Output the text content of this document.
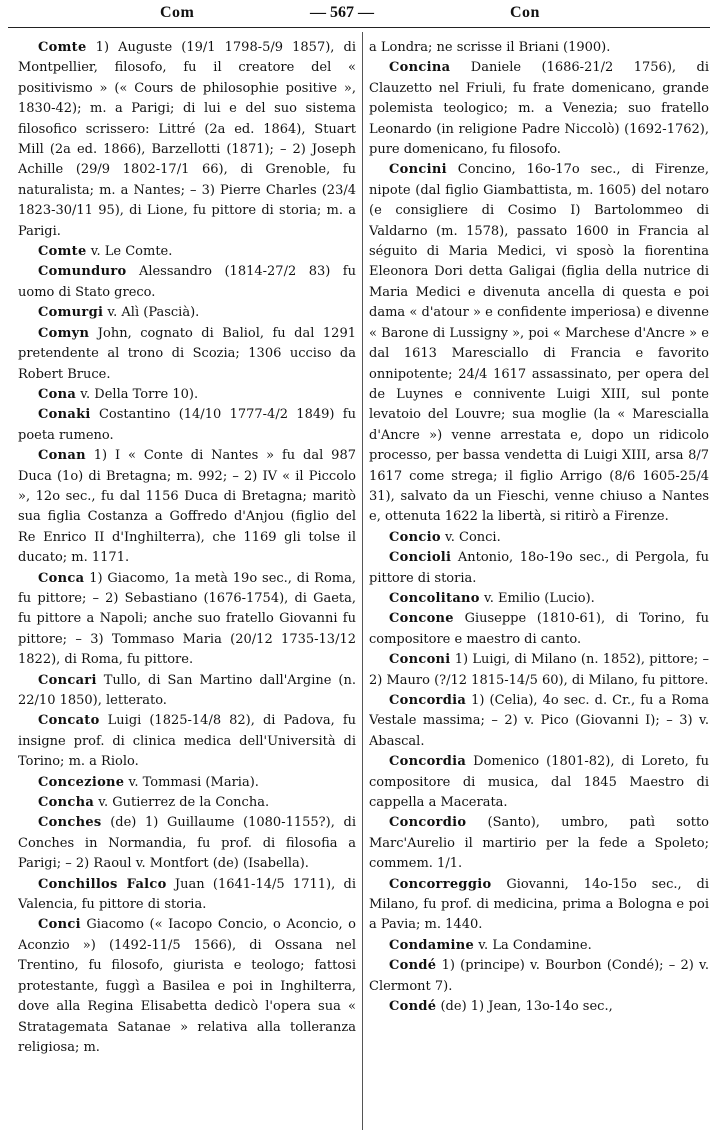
Com	— 567 —	Con

Comte 1) Auguste (19/1 1798-5/9 1857), di Montpellier, filosofo, fu il creatore del « positivismo » (« Cours de philosophie positive », 1830-42); m. a Parigi; di lui e del suo sistema filosofico scrissero: Littré (2a ed. 1864), Stuart Mill (2a ed. 1866), Barzellotti (1871); – 2) Joseph Achille (29/9 1802-17/1 66), di Grenoble, fu naturalista; m. a Nantes; – 3) Pierre Charles (23/4 1823-30/11 95), di Lione, fu pittore di storia; m. a Parigi.

Comte v. Le Comte.

Comunduro Alessandro (1814-27/2 83) fu uomo di Stato greco.

Comurgi v. Alì (Pascià).

Comyn John, cognato di Baliol, fu dal 1291 pretendente al trono di Scozia; 1306 ucciso da Robert Bruce.

Cona v. Della Torre 10).

Conaki Costantino (14/10 1777-4/2 1849) fu poeta rumeno.

Conan 1) I « Conte di Nantes » fu dal 987 Duca (1o) di Bretagna; m. 992; – 2) IV « il Piccolo », 12o sec., fu dal 1156 Duca di Bretagna; maritò sua figlia Costanza a Goffredo d'Anjou (figlio del Re Enrico II d'Inghilterra), che 1169 gli tolse il ducato; m. 1171.

Conca 1) Giacomo, 1a metà 19o sec., di Roma, fu pittore; – 2) Sebastiano (1676-1754), di Gaeta, fu pittore a Napoli; anche suo fratello Giovanni fu pittore; – 3) Tommaso Maria (20/12 1735-13/12 1822), di Roma, fu pittore.

Concari Tullo, di San Martino dall'Argine (n. 22/10 1850), letterato.

Concato Luigi (1825-14/8 82), di Padova, fu insigne prof. di clinica medica dell'Università di Torino; m. a Riolo.

Concezione v. Tommasi (Maria).

Concha v. Gutierrez de la Concha.

Conches (de) 1) Guillaume (1080-1155?), di Conches in Normandia, fu prof. di filosofia a Parigi; – 2) Raoul v. Montfort (de) (Isabella).

Conchillos Falco Juan (1641-14/5 1711), di Valencia, fu pittore di storia.

Conci Giacomo (« Iacopo Concio, o Aconcio, o Aconzio ») (1492-11/5 1566), di Ossana nel Trentino, fu filosofo, giurista e teologo; fattosi protestante, fuggì a Basilea e poi in Inghilterra, dove alla Regina Elisabetta dedicò l'opera sua « Stratagemata Satanae » relativa alla tolleranza religiosa; m.

a Londra; ne scrisse il Briani (1900).

Concina Daniele (1686-21/2 1756), di Clauzetto nel Friuli, fu frate domenicano, grande polemista teologico; m. a Venezia; suo fratello Leonardo (in religione Padre Niccolò) (1692-1762), pure domenicano, fu filosofo.

Concini Concino, 16o-17o sec., di Firenze, nipote (dal figlio Giambattista, m. 1605) del notaro (e consigliere di Cosimo I) Bartolommeo di Valdarno (m. 1578), passato 1600 in Francia al séguito di Maria Medici, vi sposò la fiorentina Eleonora Dori detta Galigai (figlia della nutrice di Maria Medici e divenuta ancella di questa e poi dama « d'atour » e confidente imperiosa) e divenne « Barone di Lussigny », poi « Marchese d'Ancre » e dal 1613 Maresciallo di Francia e favorito onnipotente; 24/4 1617 assassinato, per opera del de Luynes e connivente Luigi XIII, sul ponte levatoio del Louvre; sua moglie (la « Marescialla d'Ancre ») venne arrestata e, dopo un ridicolo processo, per bassa vendetta di Luigi XIII, arsa 8/7 1617 come strega; il figlio Arrigo (8/6 1605-25/4 31), salvato da un Fieschi, venne chiuso a Nantes e, ottenuta 1622 la libertà, si ritirò a Firenze.

Concio v. Conci.

Concioli Antonio, 18o-19o sec., di Pergola, fu pittore di storia.

Concolitano v. Emilio (Lucio).

Concone Giuseppe (1810-61), di Torino, fu compositore e maestro di canto.

Conconi 1) Luigi, di Milano (n. 1852), pittore; – 2) Mauro (?/12 1815-14/5 60), di Milano, fu pittore.

Concordia 1) (Celia), 4o sec. d. Cr., fu a Roma Vestale massima; – 2) v. Pico (Giovanni I); – 3) v. Abascal.

Concordia Domenico (1801-82), di Loreto, fu compositore di musica, dal 1845 Maestro di cappella a Macerata.

Concordio (Santo), umbro, patì sotto Marc'Aurelio il martirio per la fede a Spoleto; commem. 1/1.

Concorreggio Giovanni, 14o-15o sec., di Milano, fu prof. di medicina, prima a Bologna e poi a Pavia; m. 1440.

Condamine v. La Condamine.

Condé 1) (principe) v. Bourbon (Condé); – 2) v. Clermont 7).

Condé (de) 1) Jean, 13o-14o sec.,
